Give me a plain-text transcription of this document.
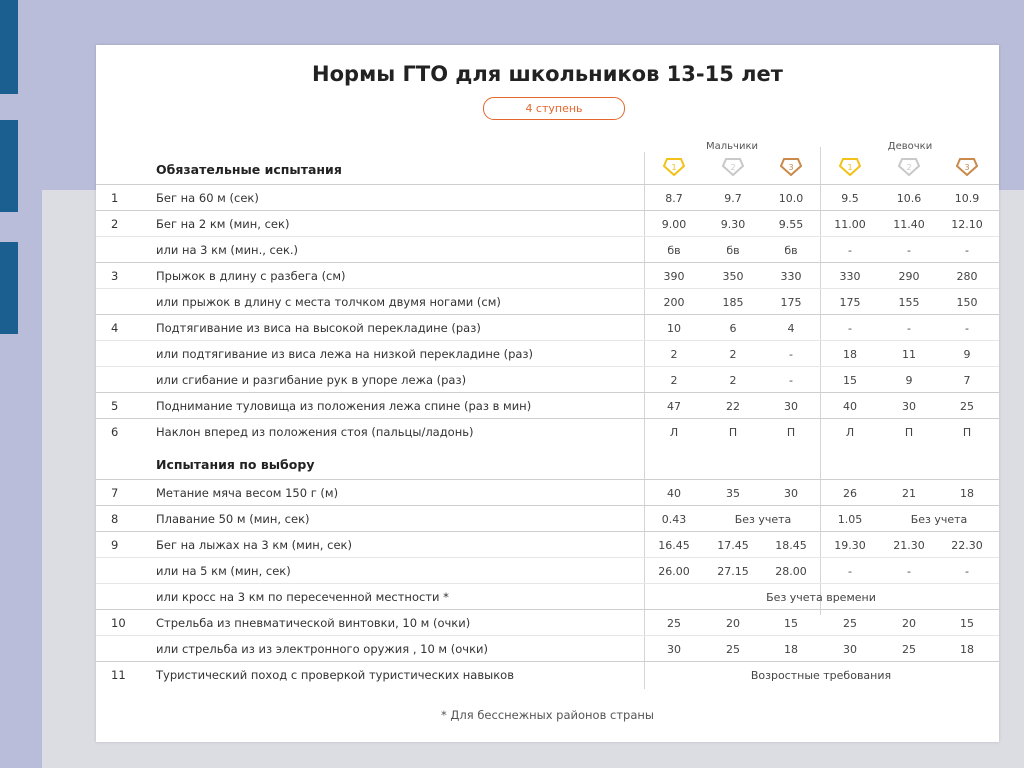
Нормы ГТО для школьников 13-15 лет
4 ступень
Мальчики	Девочки
1	2	3	1	2	3
Обязательные испытания
Испытания по выбору
1	Бег на 60 м (сек)	8.7	9.7	10.0	9.5	10.6	10.9
2	Бег на 2 км (мин, сек)	9.00	9.30	9.55	11.00	11.40	12.10
или на 3 км (мин., сек.)	бв	бв	бв	-	-	-
3	Прыжок в длину с разбега (см)	390	350	330	330	290	280
или прыжок в длину с места толчком двумя ногами (см)	200	185	175	175	155	150
4	Подтягивание из виса на высокой перекладине (раз)	10	6	4	-	-	-
или подтягивание из виса лежа на низкой перекладине (раз)	2	2	-	18	11	9
или сгибание и разгибание рук в упоре лежа (раз)	2	2	-	15	9	7
5	Поднимание туловища из положения лежа спине (раз в мин)	47	22	30	40	30	25
6	Наклон вперед из положения стоя (пальцы/ладонь)	Л	П	П	Л	П	П
7	Метание мяча весом 150 г (м)	40	35	30	26	21	18
8	Плавание 50 м (мин, сек)	0.43	Без учета	1.05	Без учета
9	Бег на лыжах на 3 км (мин, сек)	16.45	17.45	18.45	19.30	21.30	22.30
или на 5 км (мин, сек)	26.00	27.15	28.00	-	-	-
или кросс на 3 км по пересеченной местности *	Без учета времени
10	Стрельба из пневматической винтовки, 10 м (очки)	25	20	15	25	20	15
или стрельба из из электронного оружия , 10 м (очки)	30	25	18	30	25	18
11	Туристический поход с проверкой туристических навыков	Возростные требования
* Для бесснежных районов страны
